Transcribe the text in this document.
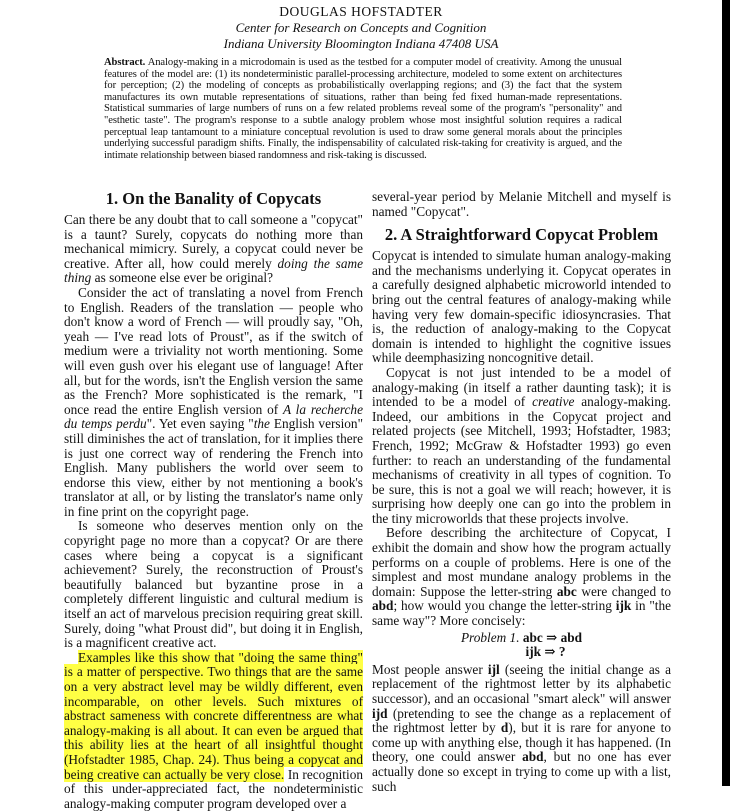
DOUGLAS HOFSTADTER
Center for Research on Concepts and Cognition
Indiana University Bloomington Indiana 47408 USA
Abstract. Analogy-making in a microdomain is used as the testbed for a computer model of creativity. Among the unusual features of the model are: (1) its nondeterministic parallel-processing architecture, modeled to some extent on architectures for perception; (2) the modeling of concepts as probabilistically overlapping regions; and (3) the fact that the system manufactures its own mutable representations of situations, rather than being fed fixed human-made representations. Statistical summaries of large numbers of runs on a few related problems reveal some of the program's "personality" and "esthetic taste". The program's response to a subtle analogy problem whose most insightful solution requires a radical perceptual leap tantamount to a miniature conceptual revolution is used to draw some general morals about the principles underlying successful paradigm shifts. Finally, the indispensability of calculated risk-taking for creativity is argued, and the intimate relationship between biased randomness and risk-taking is discussed.
1. On the Banality of Copycats

Can there be any doubt that to call someone a "copycat" is a taunt? Surely, copycats do nothing more than mechanical mimicry. Surely, a copycat could never be creative. After all, how could merely doing the same thing as someone else ever be original?

Consider the act of translating a novel from French to English. Readers of the translation — people who don't know a word of French — will proudly say, "Oh, yeah — I've read lots of Proust", as if the switch of medium were a triviality not worth mentioning. Some will even gush over his elegant use of language! After all, but for the words, isn't the English version the same as the French? More sophisticated is the remark, "I once read the entire English version of A la recherche du temps perdu". Yet even saying "the English version" still diminishes the act of translation, for it implies there is just one correct way of rendering the French into English. Many publishers the world over seem to endorse this view, either by not mentioning a book's translator at all, or by listing the translator's name only in fine print on the copyright page.

Is someone who deserves mention only on the copyright page no more than a copycat? Or are there cases where being a copycat is a significant achievement? Surely, the reconstruction of Proust's beautifully balanced but byzantine prose in a completely different linguistic and cultural medium is itself an act of marvelous precision requiring great skill. Surely, doing "what Proust did", but doing it in English, is a magnificent creative act.

Examples like this show that "doing the same thing" is a matter of perspective. Two things that are the same on a very abstract level may be wildly different, even incomparable, on other levels. Such mixtures of abstract sameness with concrete differentness are what analogy-making is all about. It can even be argued that this ability lies at the heart of all insightful thought (Hofstadter 1985, Chap. 24). Thus being a copycat and being creative can actually be very close. In recognition of this under-appreciated fact, the nondeterministic analogy-making computer program developed over a

several-year period by Melanie Mitchell and myself is named "Copycat".

2. A Straightforward Copycat Problem

Copycat is intended to simulate human analogy-making and the mechanisms underlying it. Copycat operates in a carefully designed alphabetic microworld intended to bring out the central features of analogy-making while having very few domain-specific idiosyncrasies. That is, the reduction of analogy-making to the Copycat domain is intended to highlight the cognitive issues while deemphasizing noncognitive detail.

Copycat is not just intended to be a model of analogy-making (in itself a rather daunting task); it is intended to be a model of creative analogy-making. Indeed, our ambitions in the Copycat project and related projects (see Mitchell, 1993; Hofstadter, 1983; French, 1992; McGraw & Hofstadter 1993) go even further: to reach an understanding of the fundamental mechanisms of creativity in all types of cognition. To be sure, this is not a goal we will reach; however, it is surprising how deeply one can go into the problem in the tiny microworlds that these projects involve.

Before describing the architecture of Copycat, I exhibit the domain and show how the program actually performs on a couple of problems. Here is one of the simplest and most mundane analogy problems in the domain: Suppose the letter-string abc were changed to abd; how would you change the letter-string ijk in "the same way"? More concisely:

Problem 1. abc ⇒ abd
ijk ⇒ ?

Most people answer ijl (seeing the initial change as a replacement of the rightmost letter by its alphabetic successor), and an occasional "smart aleck" will answer ijd (pretending to see the change as a replacement of the rightmost letter by d), but it is rare for anyone to come up with anything else, though it has happened. (In theory, one could answer abd, but no one has ever actually done so except in trying to come up with a list, such
